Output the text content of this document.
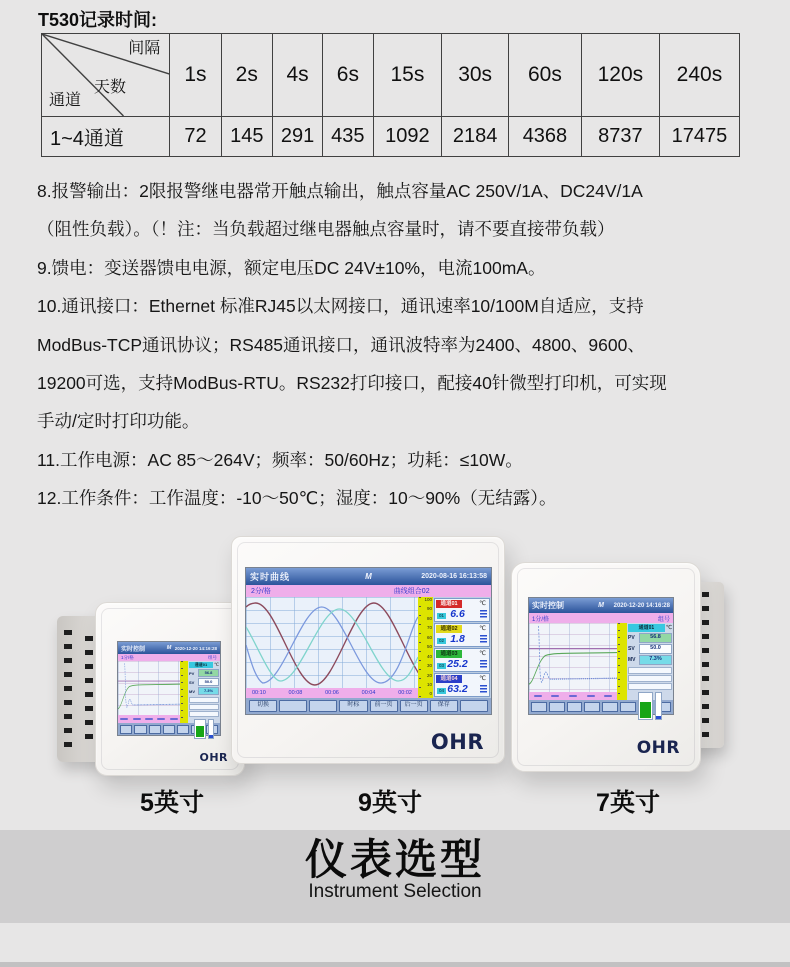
T530记录时间:
间隔
天数
通道	1s	2s	4s	6s	15s	30s	60s	120s	240s
1~4通道	72	145	291	435	1092	2184	4368	8737	17475
8.报警输出：2限报警继电器常开触点输出，触点容量AC 250V/1A、DC24V/1A
（阻性负载）。（！注：当负载超过继电器触点容量时，请不要直接带负载）
9.馈电：变送器馈电电源，额定电压DC 24V±10%，电流100mA。
10.通讯接口：Ethernet 标准RJ45以太网接口，通讯速率10/100M自适应，支持
ModBus-TCP通讯协议；RS485通讯接口，通讯波特率为2400、4800、9600、
19200可选，支持ModBus-RTU。RS232打印接口，配接40针微型打印机，可实现
手动/定时打印功能。
11.工作电源：AC 85～264V；频率：50/60Hz；功耗：≤10W。
12.工作条件：工作温度：-10～50℃；湿度：10～90%（无结露）。
实时控制	M 2020-12-20 14:16:28
1分/格	组号
通道01	℃
PV	56.8
SV	50.0
MV	7.3%
OHR
实时曲线	M	2020-08-16 16:13:58
2分/格	曲线组合02
00:10	00:08	00:06	00:04	00:02
100
90
80
70
60
50
40
30
20
10
0
通道01	℃
6.6
01
通道02	℃
1.8
02
通道03	℃
25.2
03
通道04	℃
63.2
04
切换	时标	前一页	后一页	保存
OHR
实时控制	M	2020-12-20 14:16:28
1分/格	组号
通道01	℃
PV	56.8
SV	50.0
MV	7.3%
OHR
5英寸	9英寸	7英寸
仪表选型
Instrument Selection
